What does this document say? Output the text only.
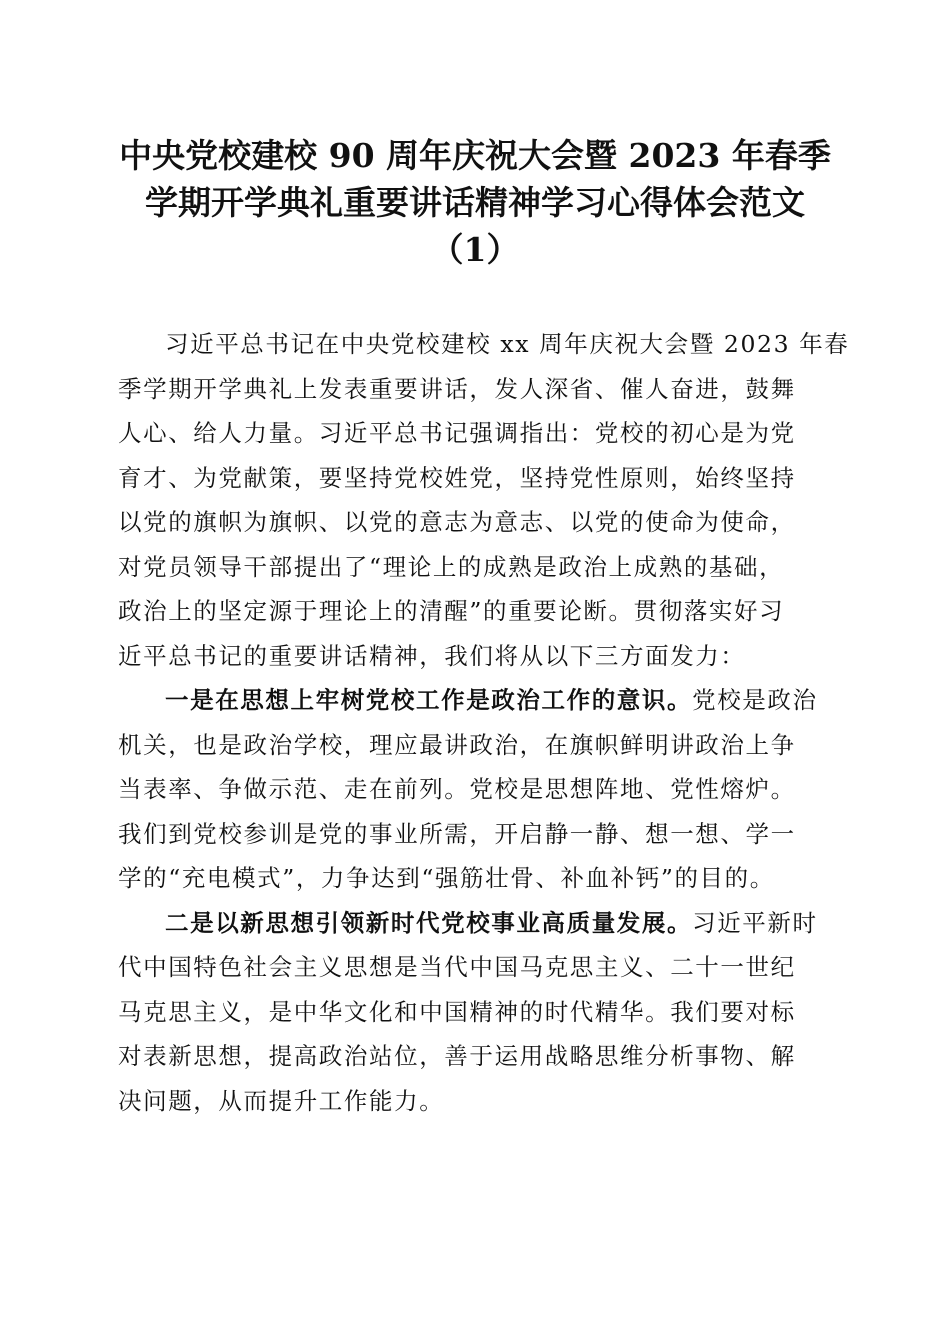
中央党校建校 90 周年庆祝大会暨 2023 年春季
学期开学典礼重要讲话精神学习心得体会范文
（1）
习近平总书记在中央党校建校 xx 周年庆祝大会暨 2023 年春
季学期开学典礼上发表重要讲话，发人深省、催人奋进，鼓舞
人心、给人力量。习近平总书记强调指出：党校的初心是为党
育才、为党献策，要坚持党校姓党，坚持党性原则，始终坚持
以党的旗帜为旗帜、以党的意志为意志、以党的使命为使命，
对党员领导干部提出了“理论上的成熟是政治上成熟的基础，
政治上的坚定源于理论上的清醒”的重要论断。贯彻落实好习
近平总书记的重要讲话精神，我们将从以下三方面发力：
一是在思想上牢树党校工作是政治工作的意识。党校是政治
机关，也是政治学校，理应最讲政治，在旗帜鲜明讲政治上争
当表率、争做示范、走在前列。党校是思想阵地、党性熔炉。
我们到党校参训是党的事业所需，开启静一静、想一想、学一
学的“充电模式”，力争达到“强筋壮骨、补血补钙”的目的。
二是以新思想引领新时代党校事业高质量发展。习近平新时
代中国特色社会主义思想是当代中国马克思主义、二十一世纪
马克思主义，是中华文化和中国精神的时代精华。我们要对标
对表新思想，提高政治站位，善于运用战略思维分析事物、解
决问题，从而提升工作能力。
